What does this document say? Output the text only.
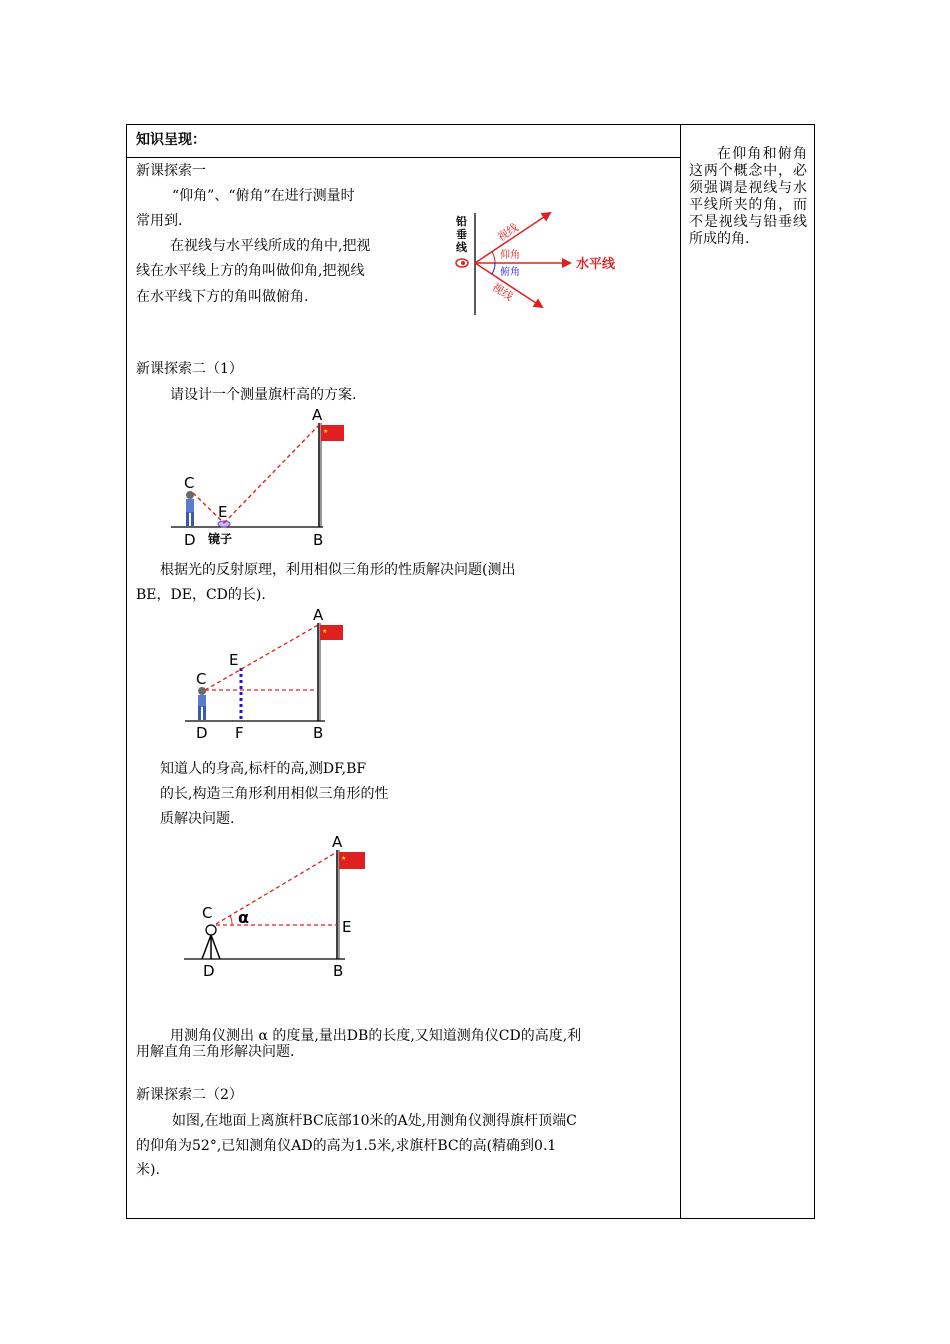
知识呈现：
在仰角和俯角这两个概念中，必须强调是视线与水平线所夹的角，而不是视线与铅垂线所成的角.
新课探索一
“仰角”、“俯角”在进行测量时
常用到.
在视线与水平线所成的角中,把视
线在水平线上方的角叫做仰角,把视线
在水平线下方的角叫做俯角.
铅
垂
线
视线
视线
仰角
俯角
水平线
新课探索二（1）
请设计一个测量旗杆高的方案.
★
A
C
E
D	B
镜子
根据光的反射原理，利用相似三角形的性质解决问题(测出
BE，DE，CD的长).
★
A
E
C
D F	B
知道人的身高,标杆的高,测DF,BF
的长,构造三角形利用相似三角形的性
质解决问题.
★
A
C α	E
D	B
用测角仪测出 α 的度量,量出DB的长度,又知道测角仪CD的高度,利
用解直角三角形解决问题.
新课探索二（2）
如图,在地面上离旗杆BC底部10米的A处,用测角仪测得旗杆顶端C
的仰角为52°,已知测角仪AD的高为1.5米,求旗杆BC的高(精确到0.1
米).
